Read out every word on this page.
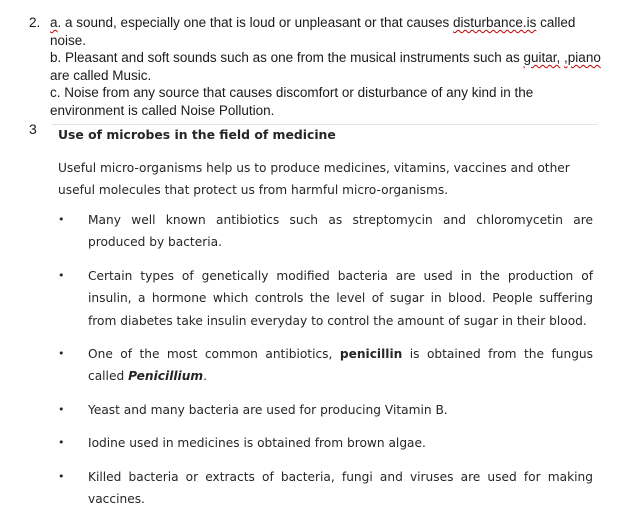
2. a. a sound, especially one that is loud or unpleasant or that causes disturbance.is called noise.

b. Pleasant and soft sounds such as one from the musical instruments such as guitar, ,piano are called Music.

c. Noise from any source that causes discomfort or disturbance of any kind in the environment is called Noise Pollution.

3 Use of microbes in the field of medicine

Useful micro-organisms help us to produce medicines, vitamins, vaccines and other useful molecules that protect us from harmful micro-organisms.

• Many well known antibiotics such as streptomycin and chloromycetin are produced by bacteria.
• Certain types of genetically modified bacteria are used in the production of insulin, a hormone which controls the level of sugar in blood. People suffering from diabetes take insulin everyday to control the amount of sugar in their blood.
• One of the most common antibiotics, penicillin is obtained from the fungus called Penicillium.
• Yeast and many bacteria are used for producing Vitamin B.
• Iodine used in medicines is obtained from brown algae.
• Killed bacteria or extracts of bacteria, fungi and viruses are used for making vaccines.
